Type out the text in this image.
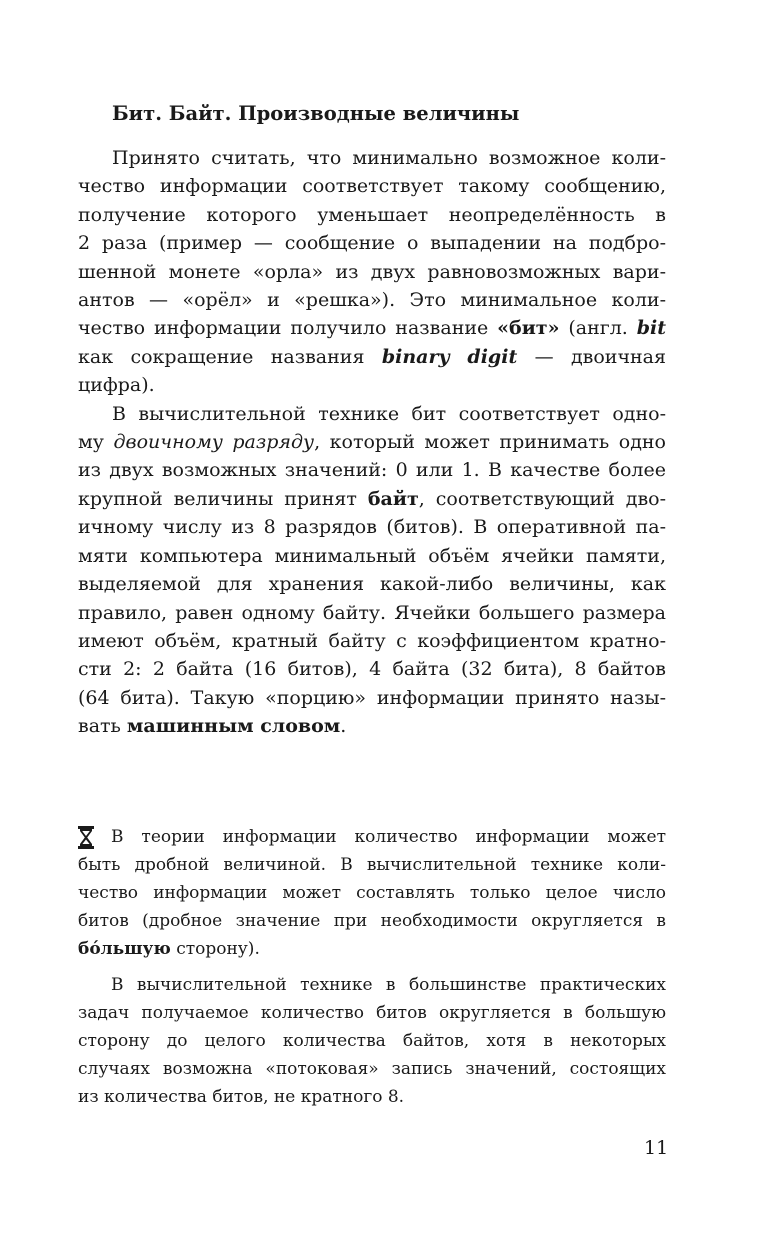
Бит. Байт. Производные величины

Принято считать, что минимально возможное коли-
чество информации соответствует такому сообщению,
получение которого уменьшает неопределённость в
2 раза (пример — сообщение о выпадении на подбро-
шенной монете «орла» из двух равновозможных вари-
антов — «орёл» и «решка»). Это минимальное коли-
чество информации получило название «бит» (англ. bit
как сокращение названия binary digit — двоичная
цифра).

В вычислительной технике бит соответствует одно-
му двоичному разряду, который может принимать одно
из двух возможных значений: 0 или 1. В качестве более
крупной величины принят байт, соответствующий дво-
ичному числу из 8 разрядов (битов). В оперативной па-
мяти компьютера минимальный объём ячейки памяти,
выделяемой для хранения какой-либо величины, как
правило, равен одному байту. Ячейки большего размера
имеют объём, кратный байту с коэффициентом кратно-
сти 2: 2 байта (16 битов), 4 байта (32 бита), 8 байтов
(64 бита). Такую «порцию» информации принято назы-
вать машинным словом.

В теории информации количество информации может
быть дробной величиной. В вычислительной технике коли-
чество информации может составлять только целое число
битов (дробное значение при необходимости округляется в
бóльшую сторону).

В вычислительной технике в большинстве практических
задач получаемое количество битов округляется в большую
сторону до целого количества байтов, хотя в некоторых
случаях возможна «потоковая» запись значений, состоящих
из количества битов, не кратного 8.

11
